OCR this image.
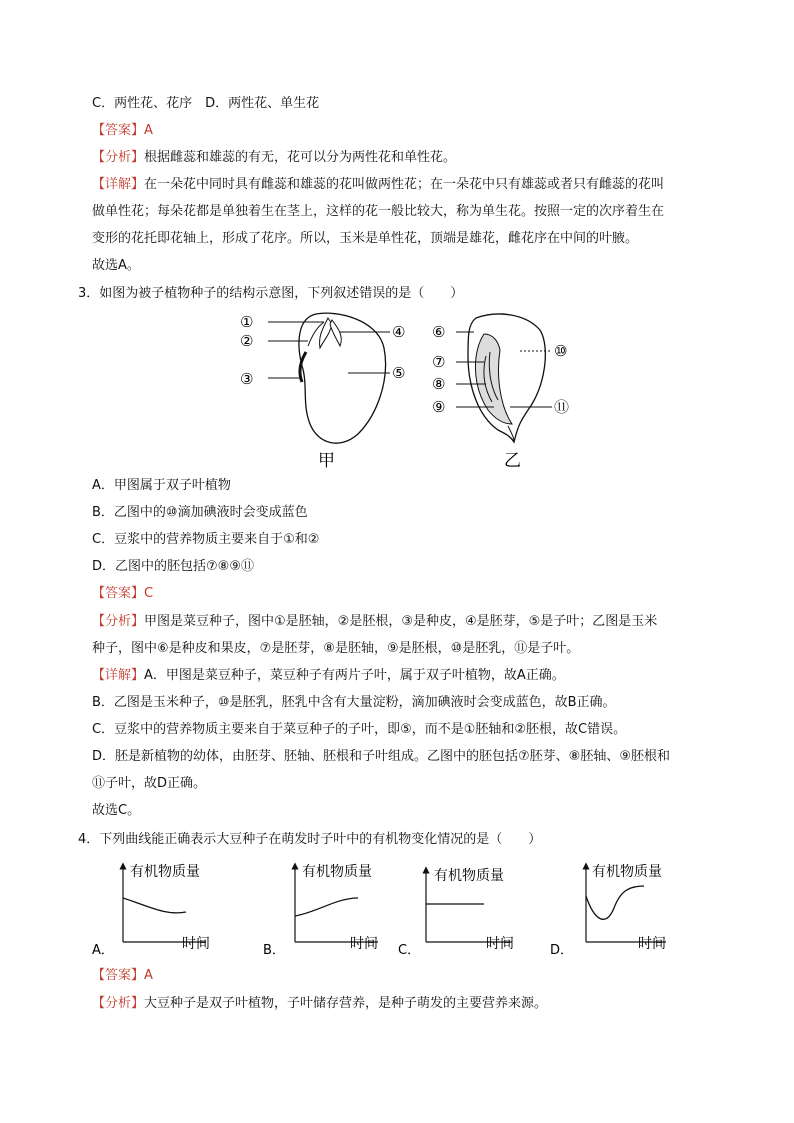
C．两性花、花序　D．两性花、单生花
【答案】A
【分析】根据雌蕊和雄蕊的有无，花可以分为两性花和单性花。
【详解】在一朵花中同时具有雌蕊和雄蕊的花叫做两性花；在一朵花中只有雄蕊或者只有雌蕊的花叫
做单性花；每朵花都是单独着生在茎上，这样的花一般比较大，称为单生花。按照一定的次序着生在
变形的花托即花轴上，形成了花序。所以，玉米是单性花，顶端是雄花，雌花序在中间的叶腋。
故选A。
3．如图为被子植物种子的结构示意图，下列叙述错误的是（　　）
①
②
③
④
⑤
甲
⑥
⑦
⑧
⑨
⑩
⑪
乙
A．甲图属于双子叶植物
B．乙图中的⑩滴加碘液时会变成蓝色
C．豆浆中的营养物质主要来自于①和②
D．乙图中的胚包括⑦⑧⑨⑪
【答案】C
【分析】甲图是菜豆种子，图中①是胚轴，②是胚根，③是种皮，④是胚芽，⑤是子叶；乙图是玉米
种子，图中⑥是种皮和果皮，⑦是胚芽，⑧是胚轴，⑨是胚根，⑩是胚乳，⑪是子叶。
【详解】A．甲图是菜豆种子，菜豆种子有两片子叶，属于双子叶植物，故A正确。
B．乙图是玉米种子，⑩是胚乳，胚乳中含有大量淀粉，滴加碘液时会变成蓝色，故B正确。
C．豆浆中的营养物质主要来自于菜豆种子的子叶，即⑤，而不是①胚轴和②胚根，故C错误。
D．胚是新植物的幼体，由胚芽、胚轴、胚根和子叶组成。乙图中的胚包括⑦胚芽、⑧胚轴、⑨胚根和
⑪子叶，故D正确。
故选C。
4．下列曲线能正确表示大豆种子在萌发时子叶中的有机物变化情况的是（　　）
有机物质量
时间
A．
有机物质量
时间
B．
有机物质量
时间
C．
有机物质量
时间
D．
【答案】A
【分析】大豆种子是双子叶植物，子叶储存营养，是种子萌发的主要营养来源。
